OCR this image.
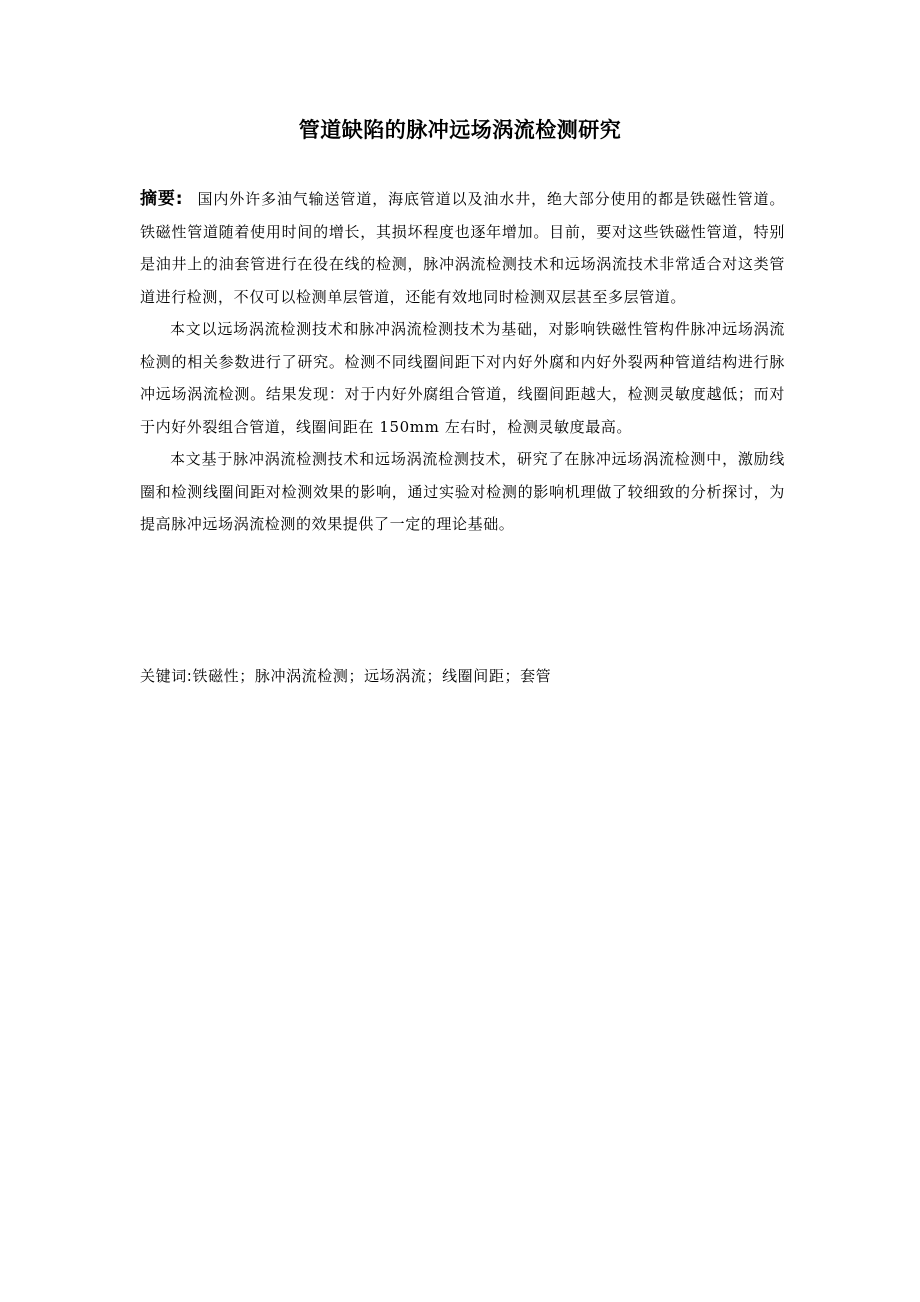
管道缺陷的脉冲远场涡流检测研究

摘要: 国内外许多油气输送管道，海底管道以及油水井，绝大部分使用的都是铁磁性管道。铁磁性管道随着使用时间的增长，其损坏程度也逐年增加。目前，要对这些铁磁性管道，特别是油井上的油套管进行在役在线的检测，脉冲涡流检测技术和远场涡流技术非常适合对这类管道进行检测，不仅可以检测单层管道，还能有效地同时检测双层甚至多层管道。

本文以远场涡流检测技术和脉冲涡流检测技术为基础，对影响铁磁性管构件脉冲远场涡流检测的相关参数进行了研究。检测不同线圈间距下对内好外腐和内好外裂两种管道结构进行脉冲远场涡流检测。结果发现：对于内好外腐组合管道，线圈间距越大，检测灵敏度越低；而对于内好外裂组合管道，线圈间距在 150mm 左右时，检测灵敏度最高。

本文基于脉冲涡流检测技术和远场涡流检测技术，研究了在脉冲远场涡流检测中，激励线圈和检测线圈间距对检测效果的影响，通过实验对检测的影响机理做了较细致的分析探讨，为提高脉冲远场涡流检测的效果提供了一定的理论基础。

关键词:铁磁性；脉冲涡流检测；远场涡流；线圈间距；套管
